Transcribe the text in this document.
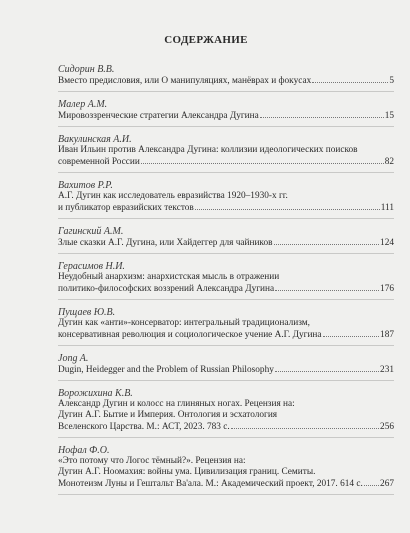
СОДЕРЖАНИЕ
Сидорин В.В.
Вместо предисловия, или О манипуляциях, манёврах и фокусах	5
Малер А.М.
Мировоззренческие стратегии Александра Дугина	15
Вакулинская А.И.
Иван Ильин против Александра Дугина: коллизии идеологических поисков
современной России	82
Вахитов Р.Р.
А.Г. Дугин как исследователь евразийства 1920–1930-х гг.
и публикатор евразийских текстов	111
Гагинский А.М.
Злые сказки А.Г. Дугина, или Хайдеггер для чайников	124
Герасимов Н.И.
Неудобный анархизм: анархистская мысль в отражении
политико-философских воззрений Александра Дугина	176
Пущаев Ю.В.
Дугин как «анти»-консерватор: интегральный традиционализм,
консервативная революция и социологическое учение А.Г. Дугина	187
Jong A.
Dugin, Heidegger and the Problem of Russian Philosophy	231
Ворожихина К.В.
Александр Дугин и колосс на глиняных ногах. Рецензия на:
Дугин А.Г. Бытие и Империя. Онтология и эсхатология
Вселенского Царства. М.: АСТ, 2023. 783 с.	256
Нофал Ф.О.
«Это потому что Логос тёмный?». Рецензия на:
Дугин А.Г. Ноомахия: войны ума. Цивилизация границ. Семиты.
Монотеизм Луны и Гештальт Ва'ала. М.: Академический проект, 2017. 614 с. 267
